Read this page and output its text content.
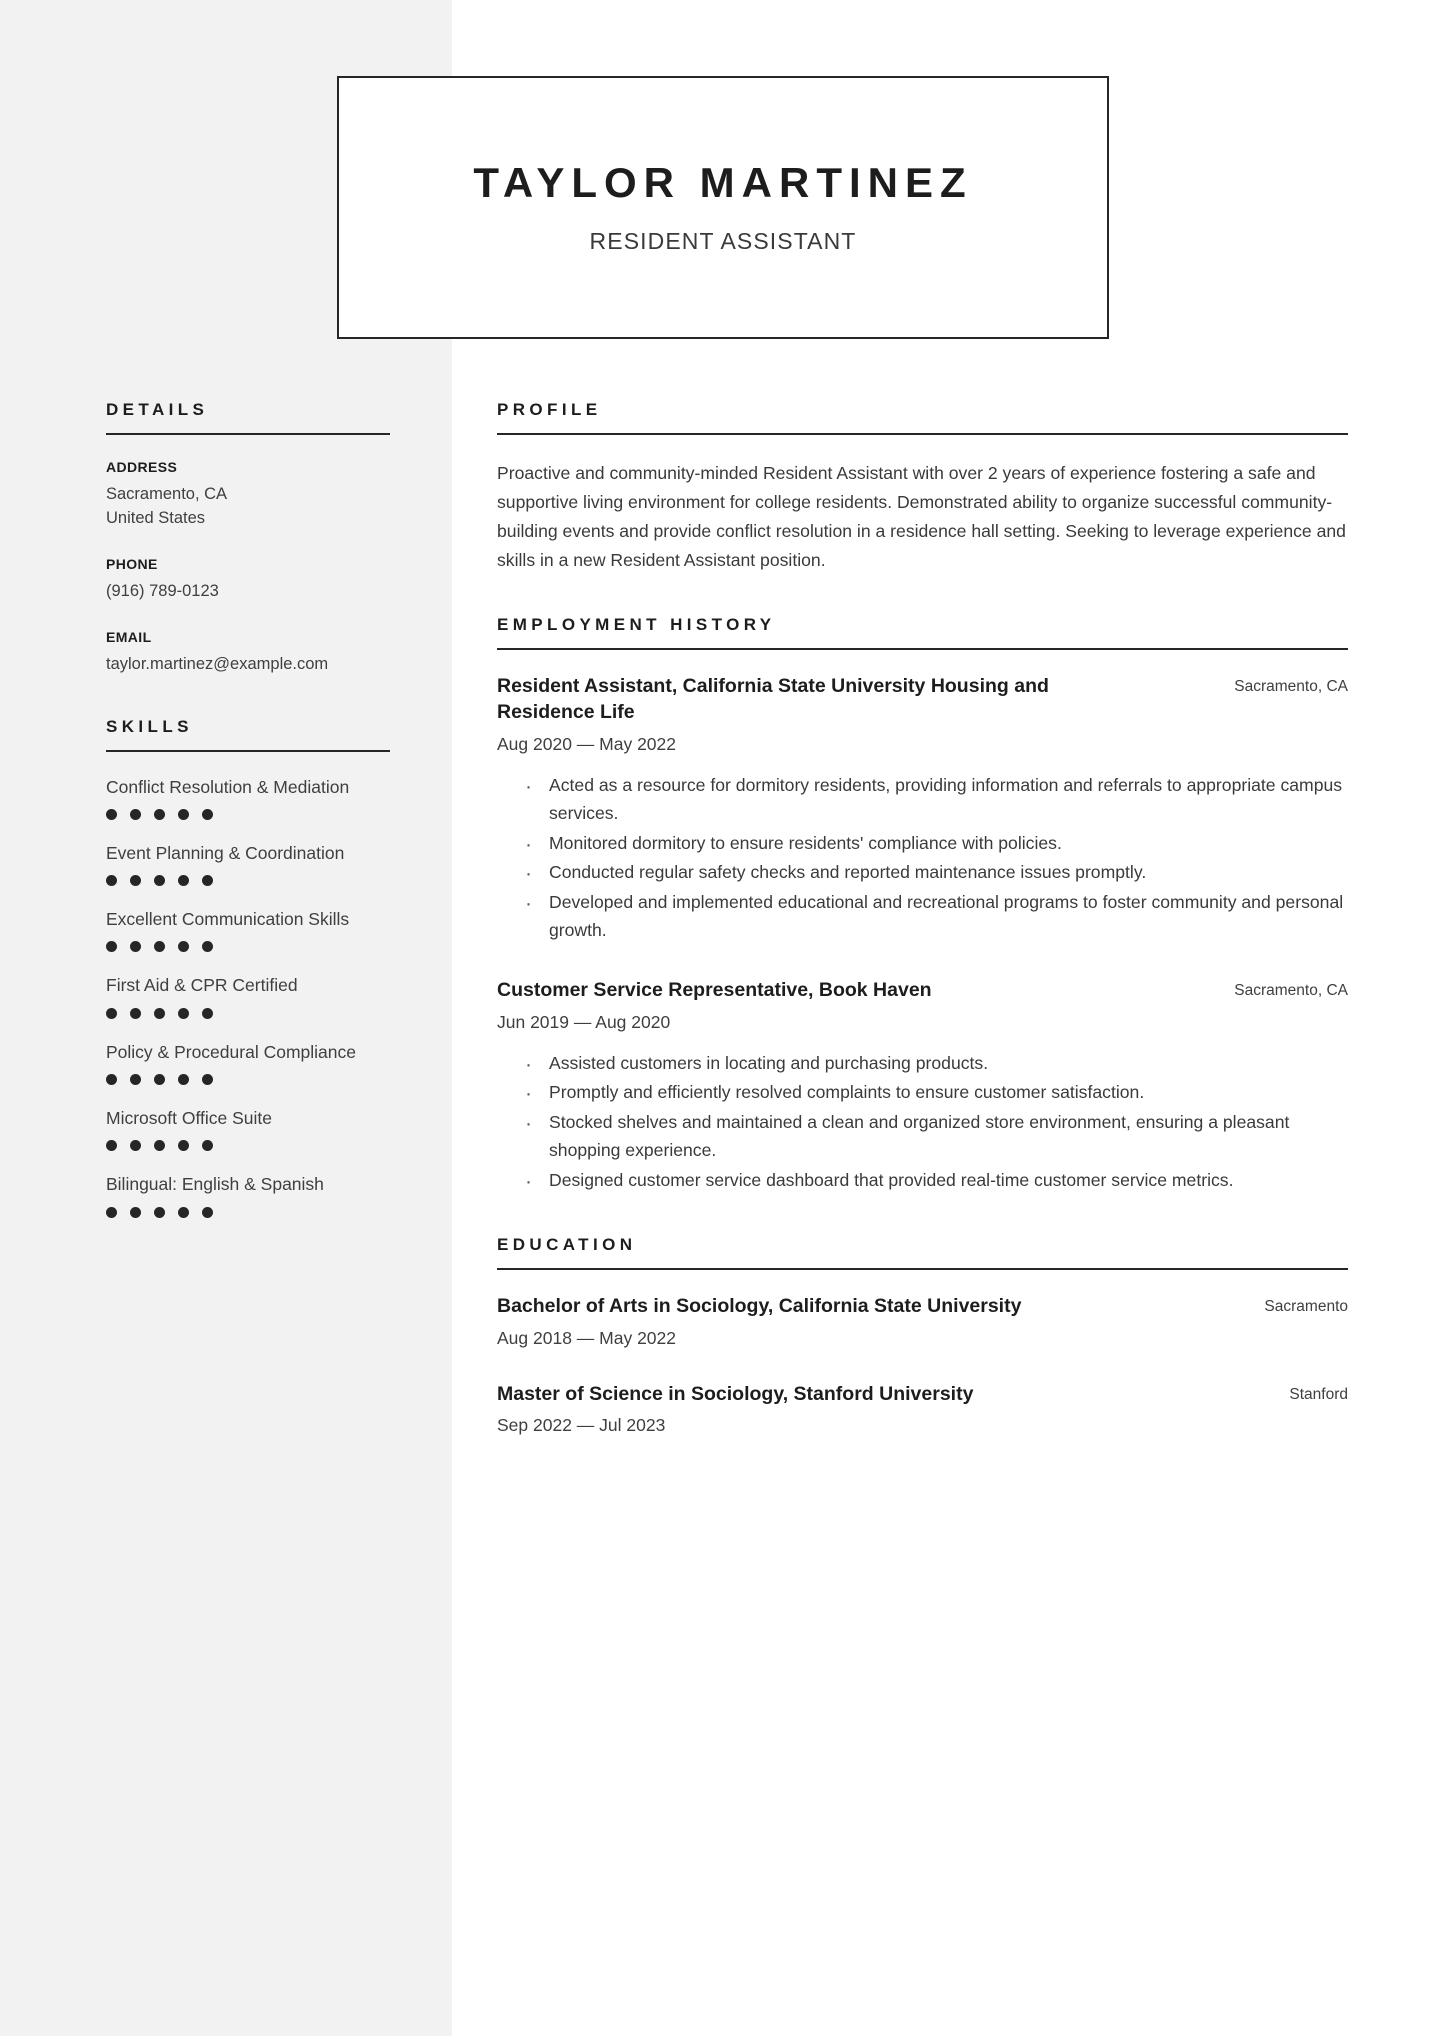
TAYLOR MARTINEZ
RESIDENT ASSISTANT
DETAILS
ADDRESS
Sacramento, CA
United States
PHONE
(916) 789-0123
EMAIL
taylor.martinez@example.com
SKILLS
Conflict Resolution & Mediation
Event Planning & Coordination
Excellent Communication Skills
First Aid & CPR Certified
Policy & Procedural Compliance
Microsoft Office Suite
Bilingual: English & Spanish
PROFILE

Proactive and community-minded Resident Assistant with over 2 years of experience fostering a safe and supportive living environment for college residents. Demonstrated ability to organize successful community-building events and provide conflict resolution in a residence hall setting. Seeking to leverage experience and skills in a new Resident Assistant position.

EMPLOYMENT HISTORY
Resident Assistant, California State University Housing and Residence Life
Sacramento, CA
Aug 2020 — May 2022
· Acted as a resource for dormitory residents, providing information and referrals to appropriate campus services.
· Monitored dormitory to ensure residents' compliance with policies.
· Conducted regular safety checks and reported maintenance issues promptly.
· Developed and implemented educational and recreational programs to foster community and personal growth.
Customer Service Representative, Book Haven	Sacramento, CA
Jun 2019 — Aug 2020
· Assisted customers in locating and purchasing products.
· Promptly and efficiently resolved complaints to ensure customer satisfaction.
· Stocked shelves and maintained a clean and organized store environment, ensuring a pleasant shopping experience.
· Designed customer service dashboard that provided real-time customer service metrics.
EDUCATION
Bachelor of Arts in Sociology, California State University	Sacramento
Aug 2018 — May 2022
Master of Science in Sociology, Stanford University	Stanford
Sep 2022 — Jul 2023
